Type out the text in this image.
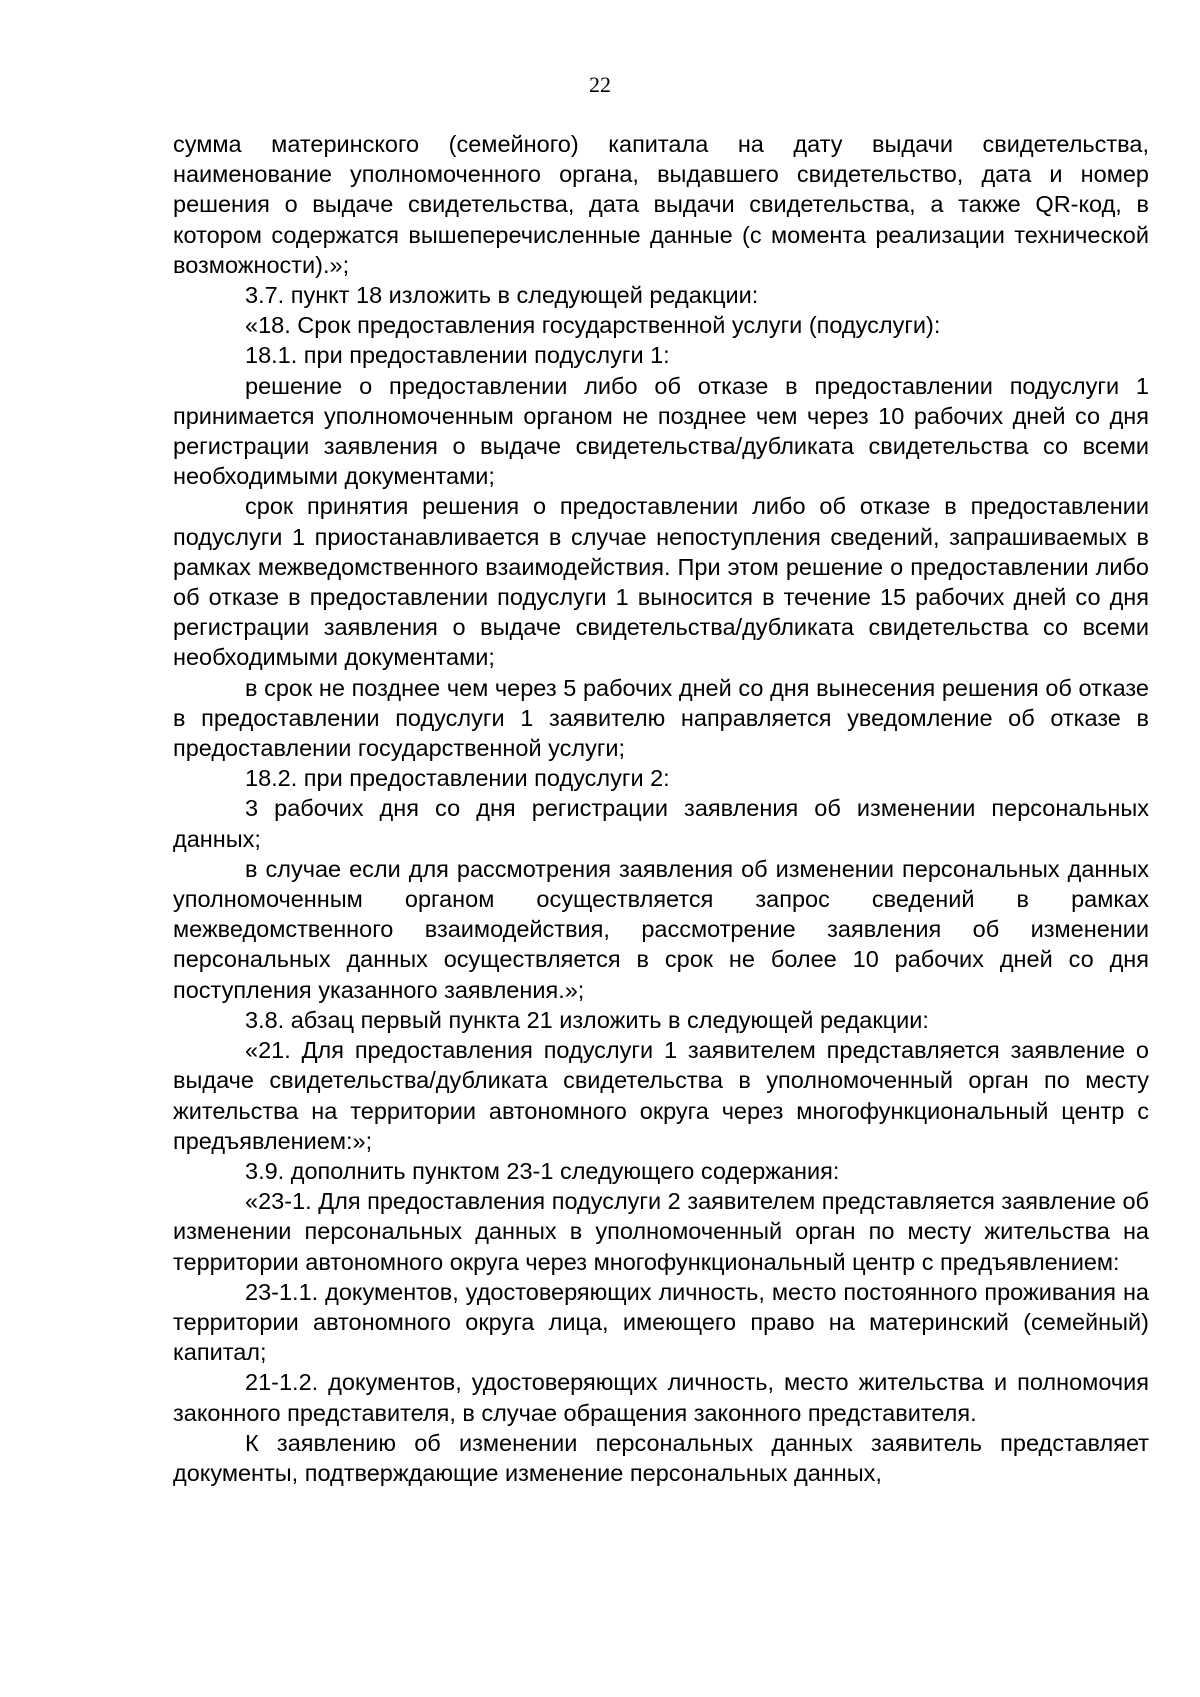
22

сумма материнского (семейного) капитала на дату выдачи свидетельства, наименование уполномоченного органа, выдавшего свидетельство, дата и номер решения о выдаче свидетельства, дата выдачи свидетельства, а также QR-код, в котором содержатся вышеперечисленные данные (с момента реализации технической возможности).»;

3.7. пункт 18 изложить в следующей редакции:

«18. Срок предоставления государственной услуги (подуслуги):

18.1. при предоставлении подуслуги 1:

решение о предоставлении либо об отказе в предоставлении подуслуги 1 принимается уполномоченным органом не позднее чем через 10 рабочих дней со дня регистрации заявления о выдаче свидетельства/дубликата свидетельства со всеми необходимыми документами;

срок принятия решения о предоставлении либо об отказе в предоставлении подуслуги 1 приостанавливается в случае непоступления сведений, запрашиваемых в рамках межведомственного взаимодействия. При этом решение о предоставлении либо об отказе в предоставлении подуслуги 1 выносится в течение 15 рабочих дней со дня регистрации заявления о выдаче свидетельства/дубликата свидетельства со всеми необходимыми документами;

в срок не позднее чем через 5 рабочих дней со дня вынесения решения об отказе в предоставлении подуслуги 1 заявителю направляется уведомление об отказе в предоставлении государственной услуги;

18.2. при предоставлении подуслуги 2:

3 рабочих дня со дня регистрации заявления об изменении персональных данных;

в случае если для рассмотрения заявления об изменении персональных данных уполномоченным органом осуществляется запрос сведений в рамках межведомственного взаимодействия, рассмотрение заявления об изменении персональных данных осуществляется в срок не более 10 рабочих дней со дня поступления указанного заявления.»;

3.8. абзац первый пункта 21 изложить в следующей редакции:

«21. Для предоставления подуслуги 1 заявителем представляется заявление о выдаче свидетельства/дубликата свидетельства в уполномоченный орган по месту жительства на территории автономного округа через многофункциональный центр с предъявлением:»;

3.9. дополнить пунктом 23-1 следующего содержания:

«23-1. Для предоставления подуслуги 2 заявителем представляется заявление об изменении персональных данных в уполномоченный орган по месту жительства на территории автономного округа через многофункциональный центр с предъявлением:

23-1.1. документов, удостоверяющих личность, место постоянного проживания на территории автономного округа лица, имеющего право на материнский (семейный) капитал;

21-1.2. документов, удостоверяющих личность, место жительства и полномочия законного представителя, в случае обращения законного представителя.

К заявлению об изменении персональных данных заявитель представляет документы, подтверждающие изменение персональных данных,
